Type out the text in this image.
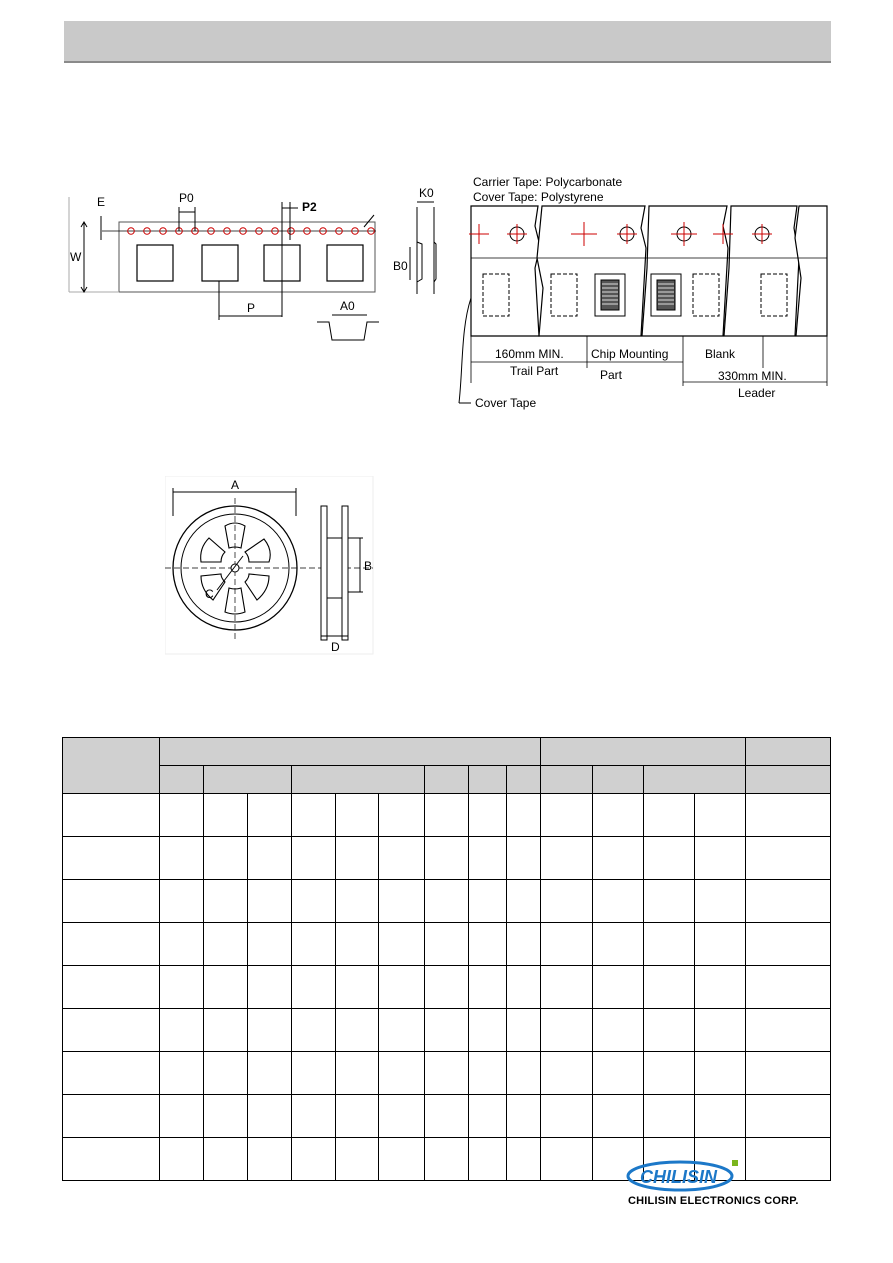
W
E	P0
P2
P
K0
B0
A0
Carrier Tape: Polycarbonate
Cover Tape: Polystyrene
160mm MIN.
Trail Part
Chip Mounting
Part
Blank
330mm MIN.
Leader
Cover Tape
A
C
B
D

CHILISIN
CHILISIN ELECTRONICS CORP.
